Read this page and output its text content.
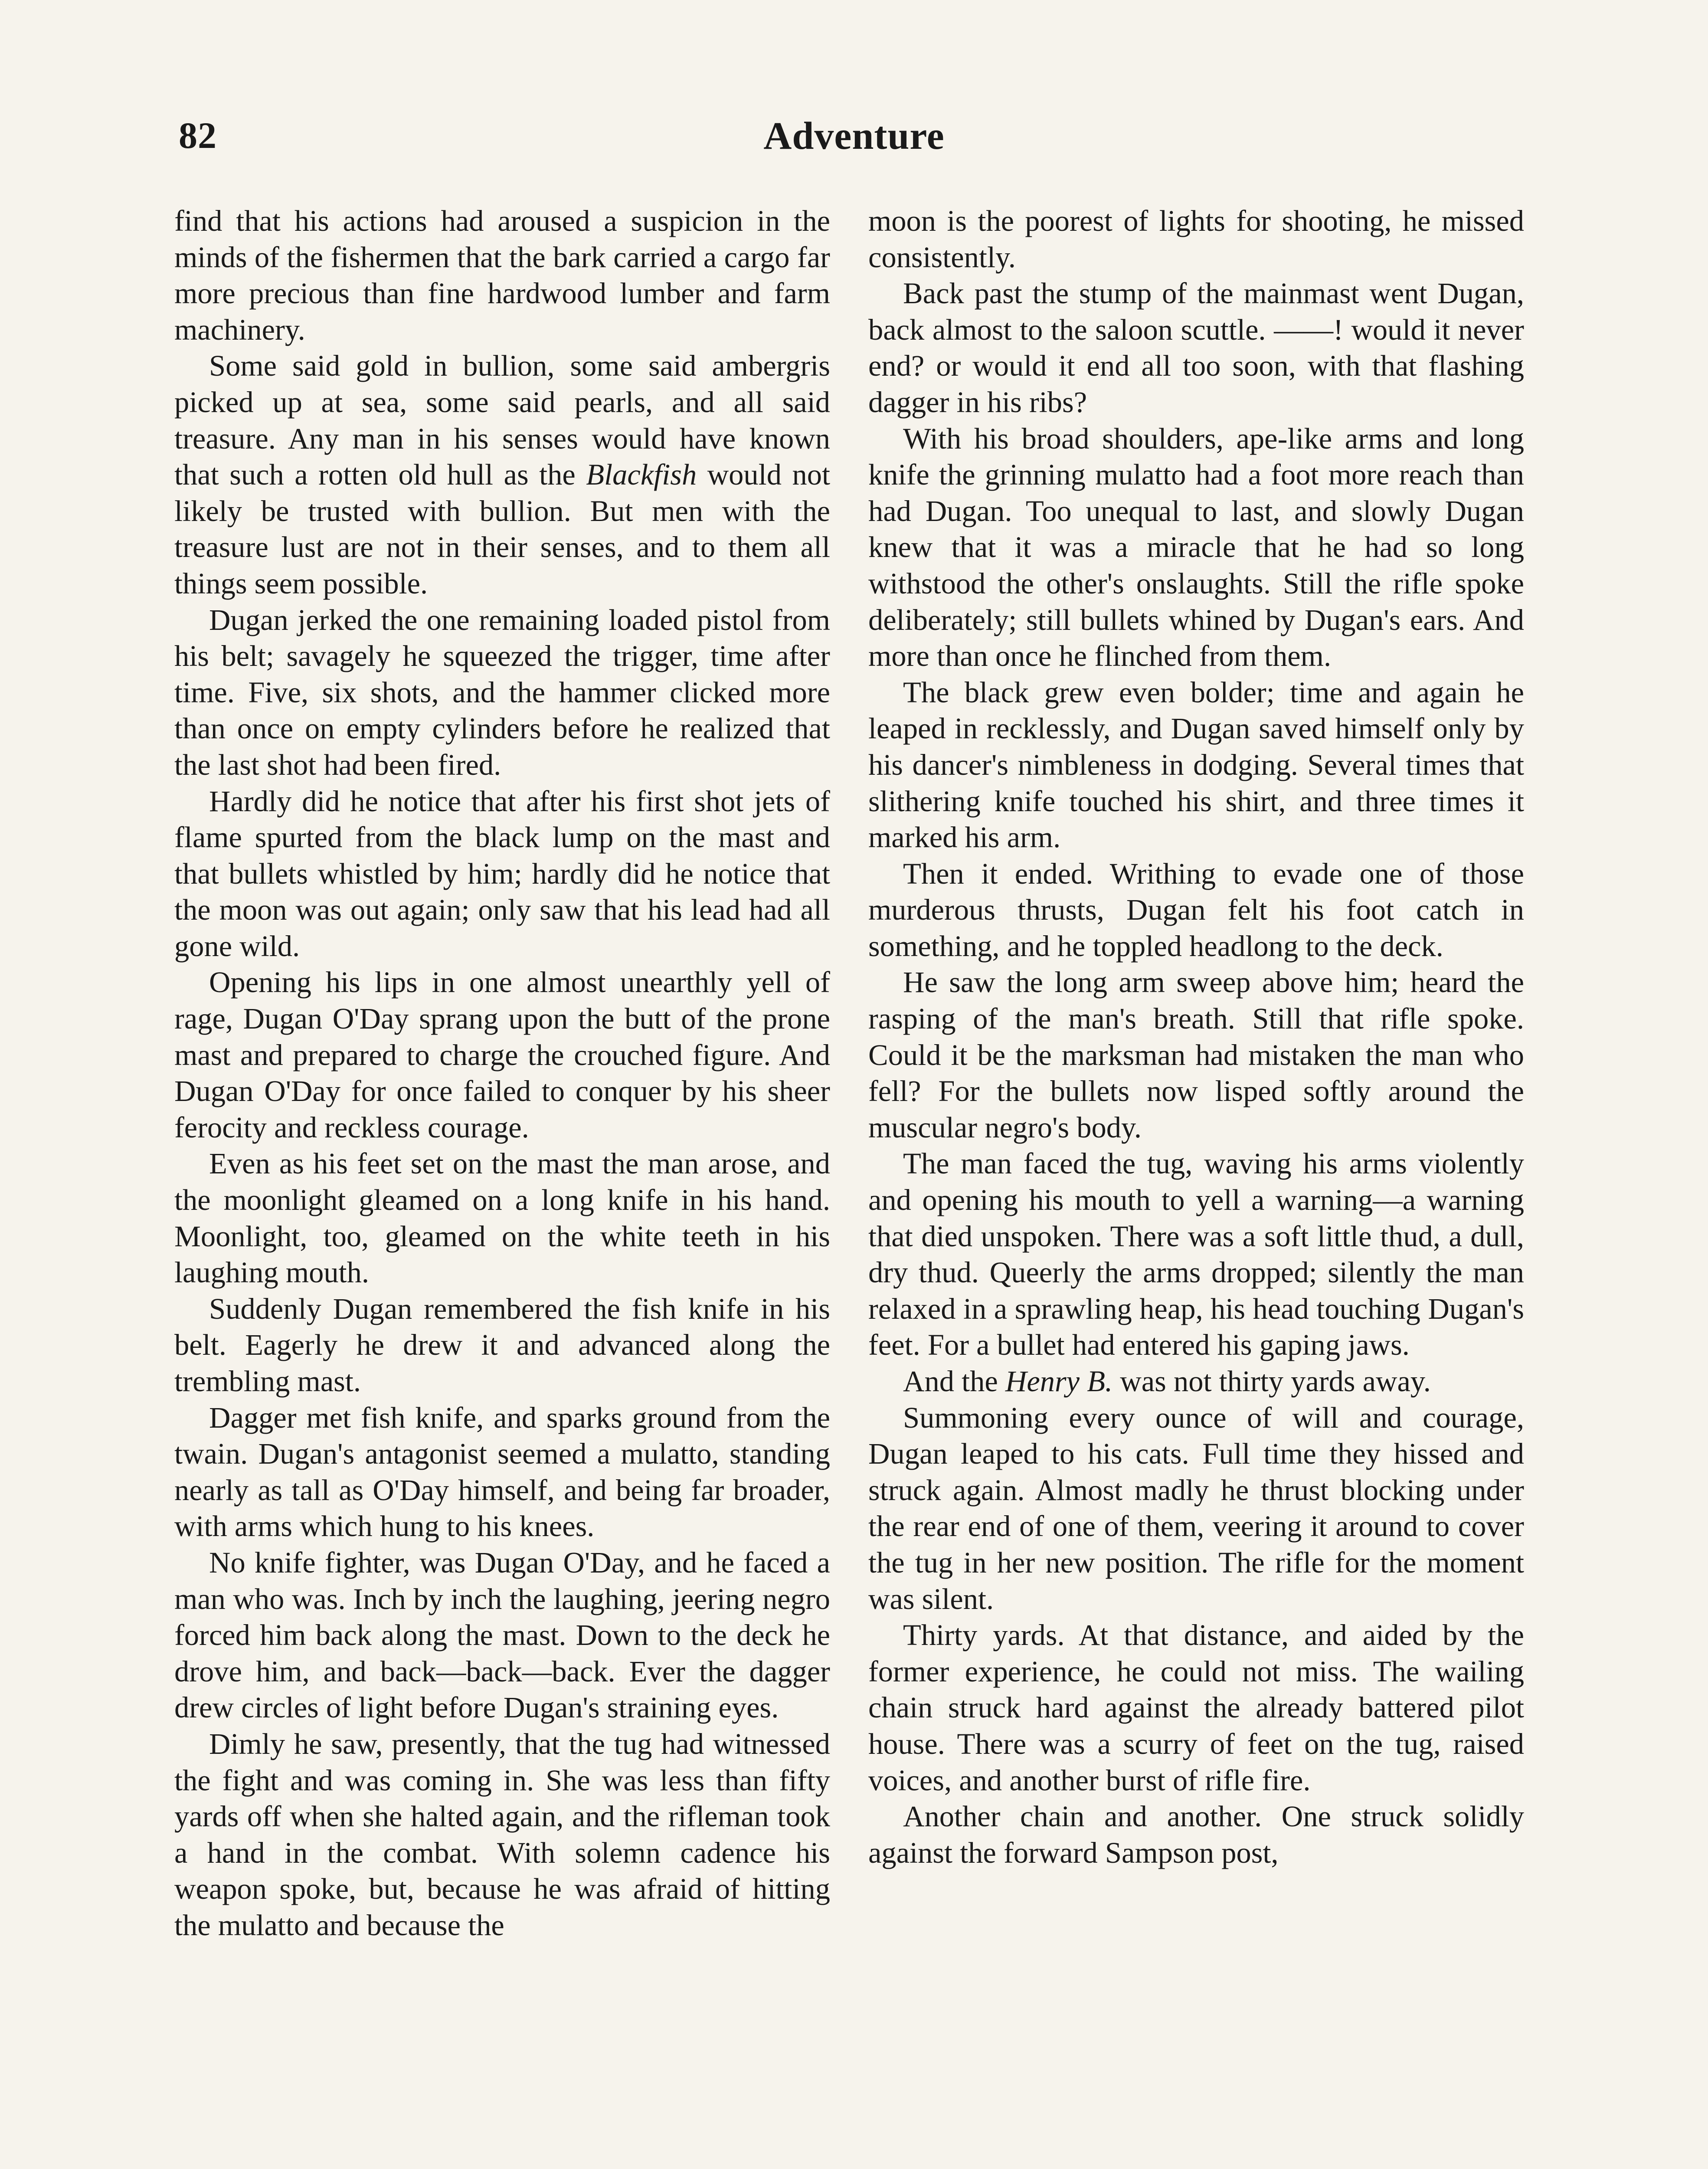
82	Adventure

find that his actions had aroused a suspicion in the minds of the fishermen that the bark carried a cargo far more precious than fine hardwood lumber and farm machinery.

Some said gold in bullion, some said ambergris picked up at sea, some said pearls, and all said treasure. Any man in his senses would have known that such a rotten old hull as the Blackfish would not likely be trusted with bullion. But men with the treasure lust are not in their senses, and to them all things seem possible.

Dugan jerked the one remaining loaded pistol from his belt; savagely he squeezed the trigger, time after time. Five, six shots, and the hammer clicked more than once on empty cylinders before he realized that the last shot had been fired.

Hardly did he notice that after his first shot jets of flame spurted from the black lump on the mast and that bullets whistled by him; hardly did he notice that the moon was out again; only saw that his lead had all gone wild.

Opening his lips in one almost unearthly yell of rage, Dugan O'Day sprang upon the butt of the prone mast and prepared to charge the crouched figure. And Dugan O'Day for once failed to conquer by his sheer ferocity and reckless courage.

Even as his feet set on the mast the man arose, and the moonlight gleamed on a long knife in his hand. Moonlight, too, gleamed on the white teeth in his laughing mouth.

Suddenly Dugan remembered the fish knife in his belt. Eagerly he drew it and advanced along the trembling mast.

Dagger met fish knife, and sparks ground from the twain. Dugan's antagonist seemed a mulatto, standing nearly as tall as O'Day himself, and being far broader, with arms which hung to his knees.

No knife fighter, was Dugan O'Day, and he faced a man who was. Inch by inch the laughing, jeering negro forced him back along the mast. Down to the deck he drove him, and back—back—back. Ever the dagger drew circles of light before Dugan's straining eyes.

Dimly he saw, presently, that the tug had witnessed the fight and was coming in. She was less than fifty yards off when she halted again, and the rifleman took a hand in the combat. With solemn cadence his weapon spoke, but, because he was afraid of hitting the mulatto and because the

moon is the poorest of lights for shooting, he missed consistently.

Back past the stump of the mainmast went Dugan, back almost to the saloon scuttle. ——! would it never end? or would it end all too soon, with that flashing dagger in his ribs?

With his broad shoulders, ape-like arms and long knife the grinning mulatto had a foot more reach than had Dugan. Too unequal to last, and slowly Dugan knew that it was a miracle that he had so long withstood the other's onslaughts. Still the rifle spoke deliberately; still bullets whined by Dugan's ears. And more than once he flinched from them.

The black grew even bolder; time and again he leaped in recklessly, and Dugan saved himself only by his dancer's nimbleness in dodging. Several times that slithering knife touched his shirt, and three times it marked his arm.

Then it ended. Writhing to evade one of those murderous thrusts, Dugan felt his foot catch in something, and he toppled headlong to the deck.

He saw the long arm sweep above him; heard the rasping of the man's breath. Still that rifle spoke. Could it be the marksman had mistaken the man who fell? For the bullets now lisped softly around the muscular negro's body.

The man faced the tug, waving his arms violently and opening his mouth to yell a warning—a warning that died unspoken. There was a soft little thud, a dull, dry thud. Queerly the arms dropped; silently the man relaxed in a sprawling heap, his head touching Dugan's feet. For a bullet had entered his gaping jaws.

And the Henry B. was not thirty yards away.

Summoning every ounce of will and courage, Dugan leaped to his cats. Full time they hissed and struck again. Almost madly he thrust blocking under the rear end of one of them, veering it around to cover the tug in her new position. The rifle for the moment was silent.

Thirty yards. At that distance, and aided by the former experience, he could not miss. The wailing chain struck hard against the already battered pilot house. There was a scurry of feet on the tug, raised voices, and another burst of rifle fire.

Another chain and another. One struck solidly against the forward Sampson post,
